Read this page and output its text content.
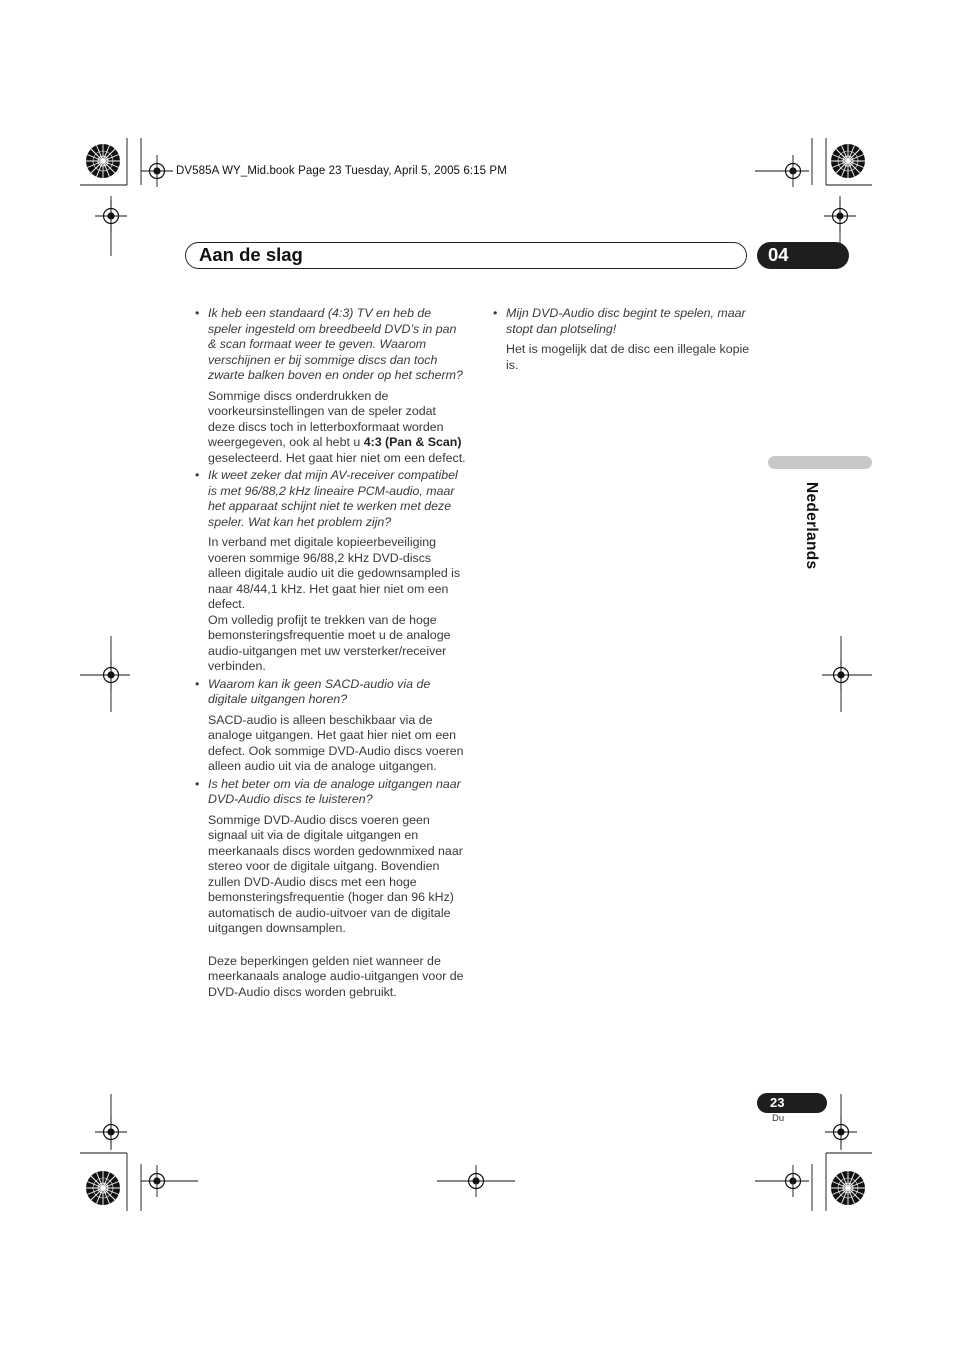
DV585A WY_Mid.book Page 23 Tuesday, April 5, 2005 6:15 PM
Aan de slag	04
Nederlands
• Ik heb een standaard (4:3) TV en heb de speler ingesteld om breedbeeld DVD’s in pan & scan formaat weer te geven. Waarom verschijnen er bij sommige discs dan toch zwarte balken boven en onder op het scherm?

Sommige discs onderdrukken de voorkeursinstellingen van de speler zodat deze discs toch in letterboxformaat worden weergegeven, ook al hebt u 4:3 (Pan & Scan) geselecteerd. Het gaat hier niet om een defect.

• Ik weet zeker dat mijn AV-receiver compatibel is met 96/88,2 kHz lineaire PCM-audio, maar het apparaat schijnt niet te werken met deze speler. Wat kan het problem zijn?

In verband met digitale kopieerbeveiliging voeren sommige 96/88,2 kHz DVD-discs alleen digitale audio uit die gedownsampled is naar 48/44,1 kHz. Het gaat hier niet om een defect.

Om volledig profijt te trekken van de hoge bemonsteringsfrequentie moet u de analoge audio-uitgangen met uw versterker/receiver verbinden.

• Waarom kan ik geen SACD-audio via de digitale uitgangen horen?

SACD-audio is alleen beschikbaar via de analoge uitgangen. Het gaat hier niet om een defect. Ook sommige DVD-Audio discs voeren alleen audio uit via de analoge uitgangen.

• Is het beter om via de analoge uitgangen naar DVD-Audio discs te luisteren?

Sommige DVD-Audio discs voeren geen signaal uit via de digitale uitgangen en meerkanaals discs worden gedownmixed naar stereo voor de digitale uitgang. Bovendien zullen DVD-Audio discs met een hoge bemonsteringsfrequentie (hoger dan 96 kHz) automatisch de audio-uitvoer van de digitale uitgangen downsamplen.

Deze beperkingen gelden niet wanneer de meerkanaals analoge audio-uitgangen voor de DVD-Audio discs worden gebruikt.

• Mijn DVD-Audio disc begint te spelen, maar stopt dan plotseling!

Het is mogelijk dat de disc een illegale kopie is.

23
Du
